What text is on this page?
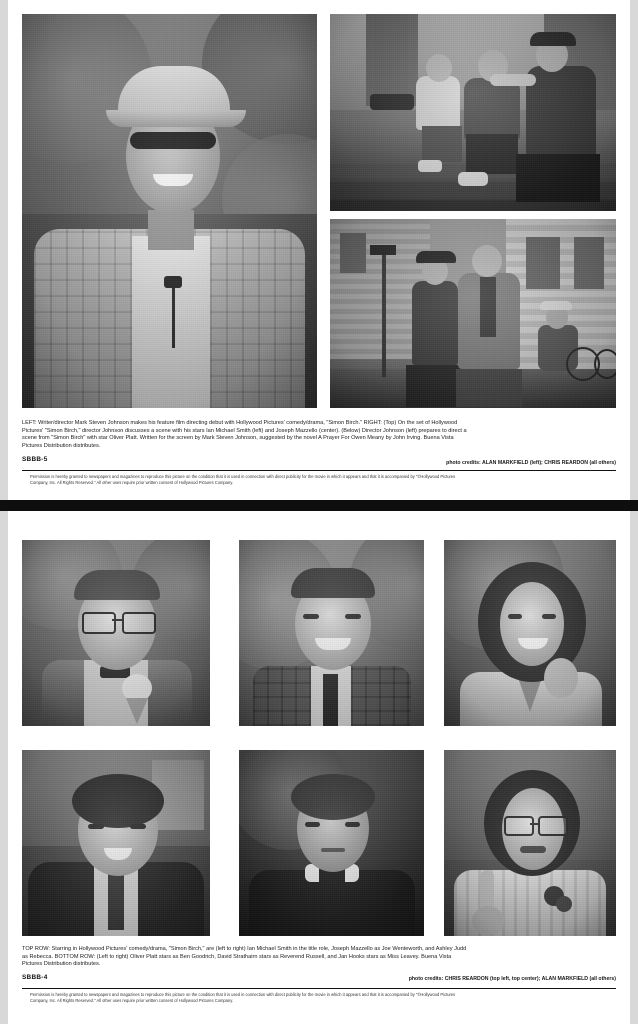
LEFT: Writer/director Mark Steven Johnson makes his feature film directing debut with Hollywood Pictures' comedy/drama, "Simon Birch." RIGHT: (Top) On the set of Hollywood
Pictures' "Simon Birch," director Johnson discusses a scene with his stars Ian Michael Smith (left) and Joseph Mazzello (center). (Below) Director Johnson (left) prepares to direct a
scene from "Simon Birch" with star Oliver Platt. Written for the screen by Mark Steven Johnson, suggested by the novel A Prayer For Owen Meany by John Irving. Buena Vista
Pictures Distribution distributes.
SBBB-5	photo credits: ALAN MARKFIELD (left); CHRIS REARDON (all others)
Permission is hereby granted to newspapers and magazines to reproduce this picture on the condition that it is used in connection with direct publicity for the movie in which it appears and that it is accompanied by "©Hollywood Pictures
Company, Inc. All Rights Reserved." All other uses require prior written consent of Hollywood Pictures Company.
TOP ROW: Starring in Hollywood Pictures' comedy/drama, "Simon Birch," are (left to right) Ian Michael Smith in the title role, Joseph Mazzello as Joe Wenteworth, and Ashley Judd
as Rebecca. BOTTOM ROW: (Left to right) Oliver Platt stars as Ben Goodrich, David Strathairn stars as Reverend Russell, and Jan Hooks stars as Miss Leavey. Buena Vista
Pictures Distribution distributes.
SBBB-4	photo credits: CHRIS REARDON (top left, top center); ALAN MARKFIELD (all others)
Permission is hereby granted to newspapers and magazines to reproduce this picture on the condition that it is used in connection with direct publicity for the movie in which it appears and that it is accompanied by "©Hollywood Pictures
Company, Inc. All Rights Reserved." All other uses require prior written consent of Hollywood Pictures Company.
